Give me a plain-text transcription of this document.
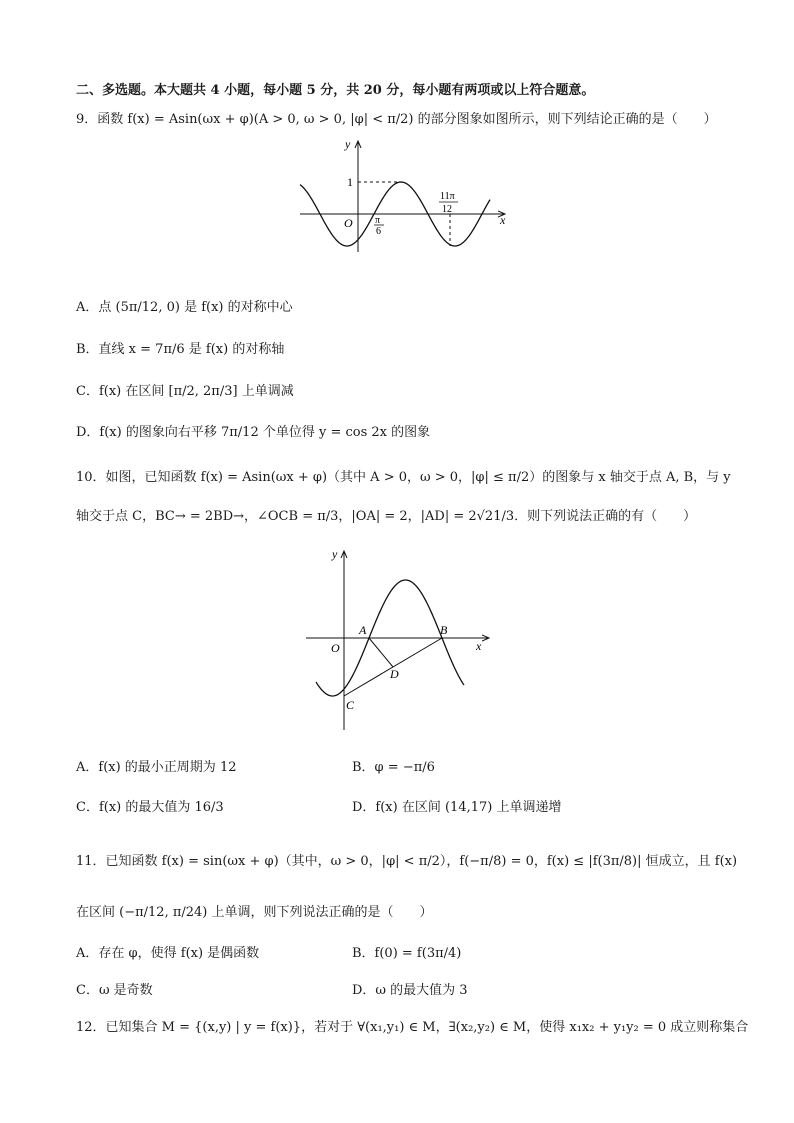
二、多选题。本大题共 4 小题，每小题 5 分，共 20 分，每小题有两项或以上符合题意。
9．函数 f(x) = Asin(ωx + φ)(A > 0, ω > 0, |φ| < π/2) 的部分图象如图所示，则下列结论正确的是（　　）
y
x
O
1
π
6
11π
12
A．点 (5π/12, 0) 是 f(x) 的对称中心
B．直线 x = 7π/6 是 f(x) 的对称轴
C．f(x) 在区间 [π/2, 2π/3] 上单调减
D．f(x) 的图象向右平移 7π/12 个单位得 y = cos 2x 的图象
10．如图，已知函数 f(x) = Asin(ωx + φ)（其中 A > 0，ω > 0，|φ| ≤ π/2）的图象与 x 轴交于点 A, B，与 y
轴交于点 C，BC→ = 2BD→，∠OCB = π/3，|OA| = 2，|AD| = 2√21/3．则下列说法正确的有（　　）
y
x
O
A	B
C
D
A．f(x) 的最小正周期为 12	B．φ = −π/6
C．f(x) 的最大值为 16/3	D．f(x) 在区间 (14,17) 上单调递增
11．已知函数 f(x) = sin(ωx + φ)（其中，ω > 0，|φ| < π/2），f(−π/8) = 0，f(x) ≤ |f(3π/8)| 恒成立，且 f(x)
在区间 (−π/12, π/24) 上单调，则下列说法正确的是（　　）
A．存在 φ，使得 f(x) 是偶函数	B．f(0) = f(3π/4)
C．ω 是奇数	D．ω 的最大值为 3
12．已知集合 M = {(x,y) | y = f(x)}，若对于 ∀(x₁,y₁) ∈ M，∃(x₂,y₂) ∈ M，使得 x₁x₂ + y₁y₂ = 0 成立则称集合
